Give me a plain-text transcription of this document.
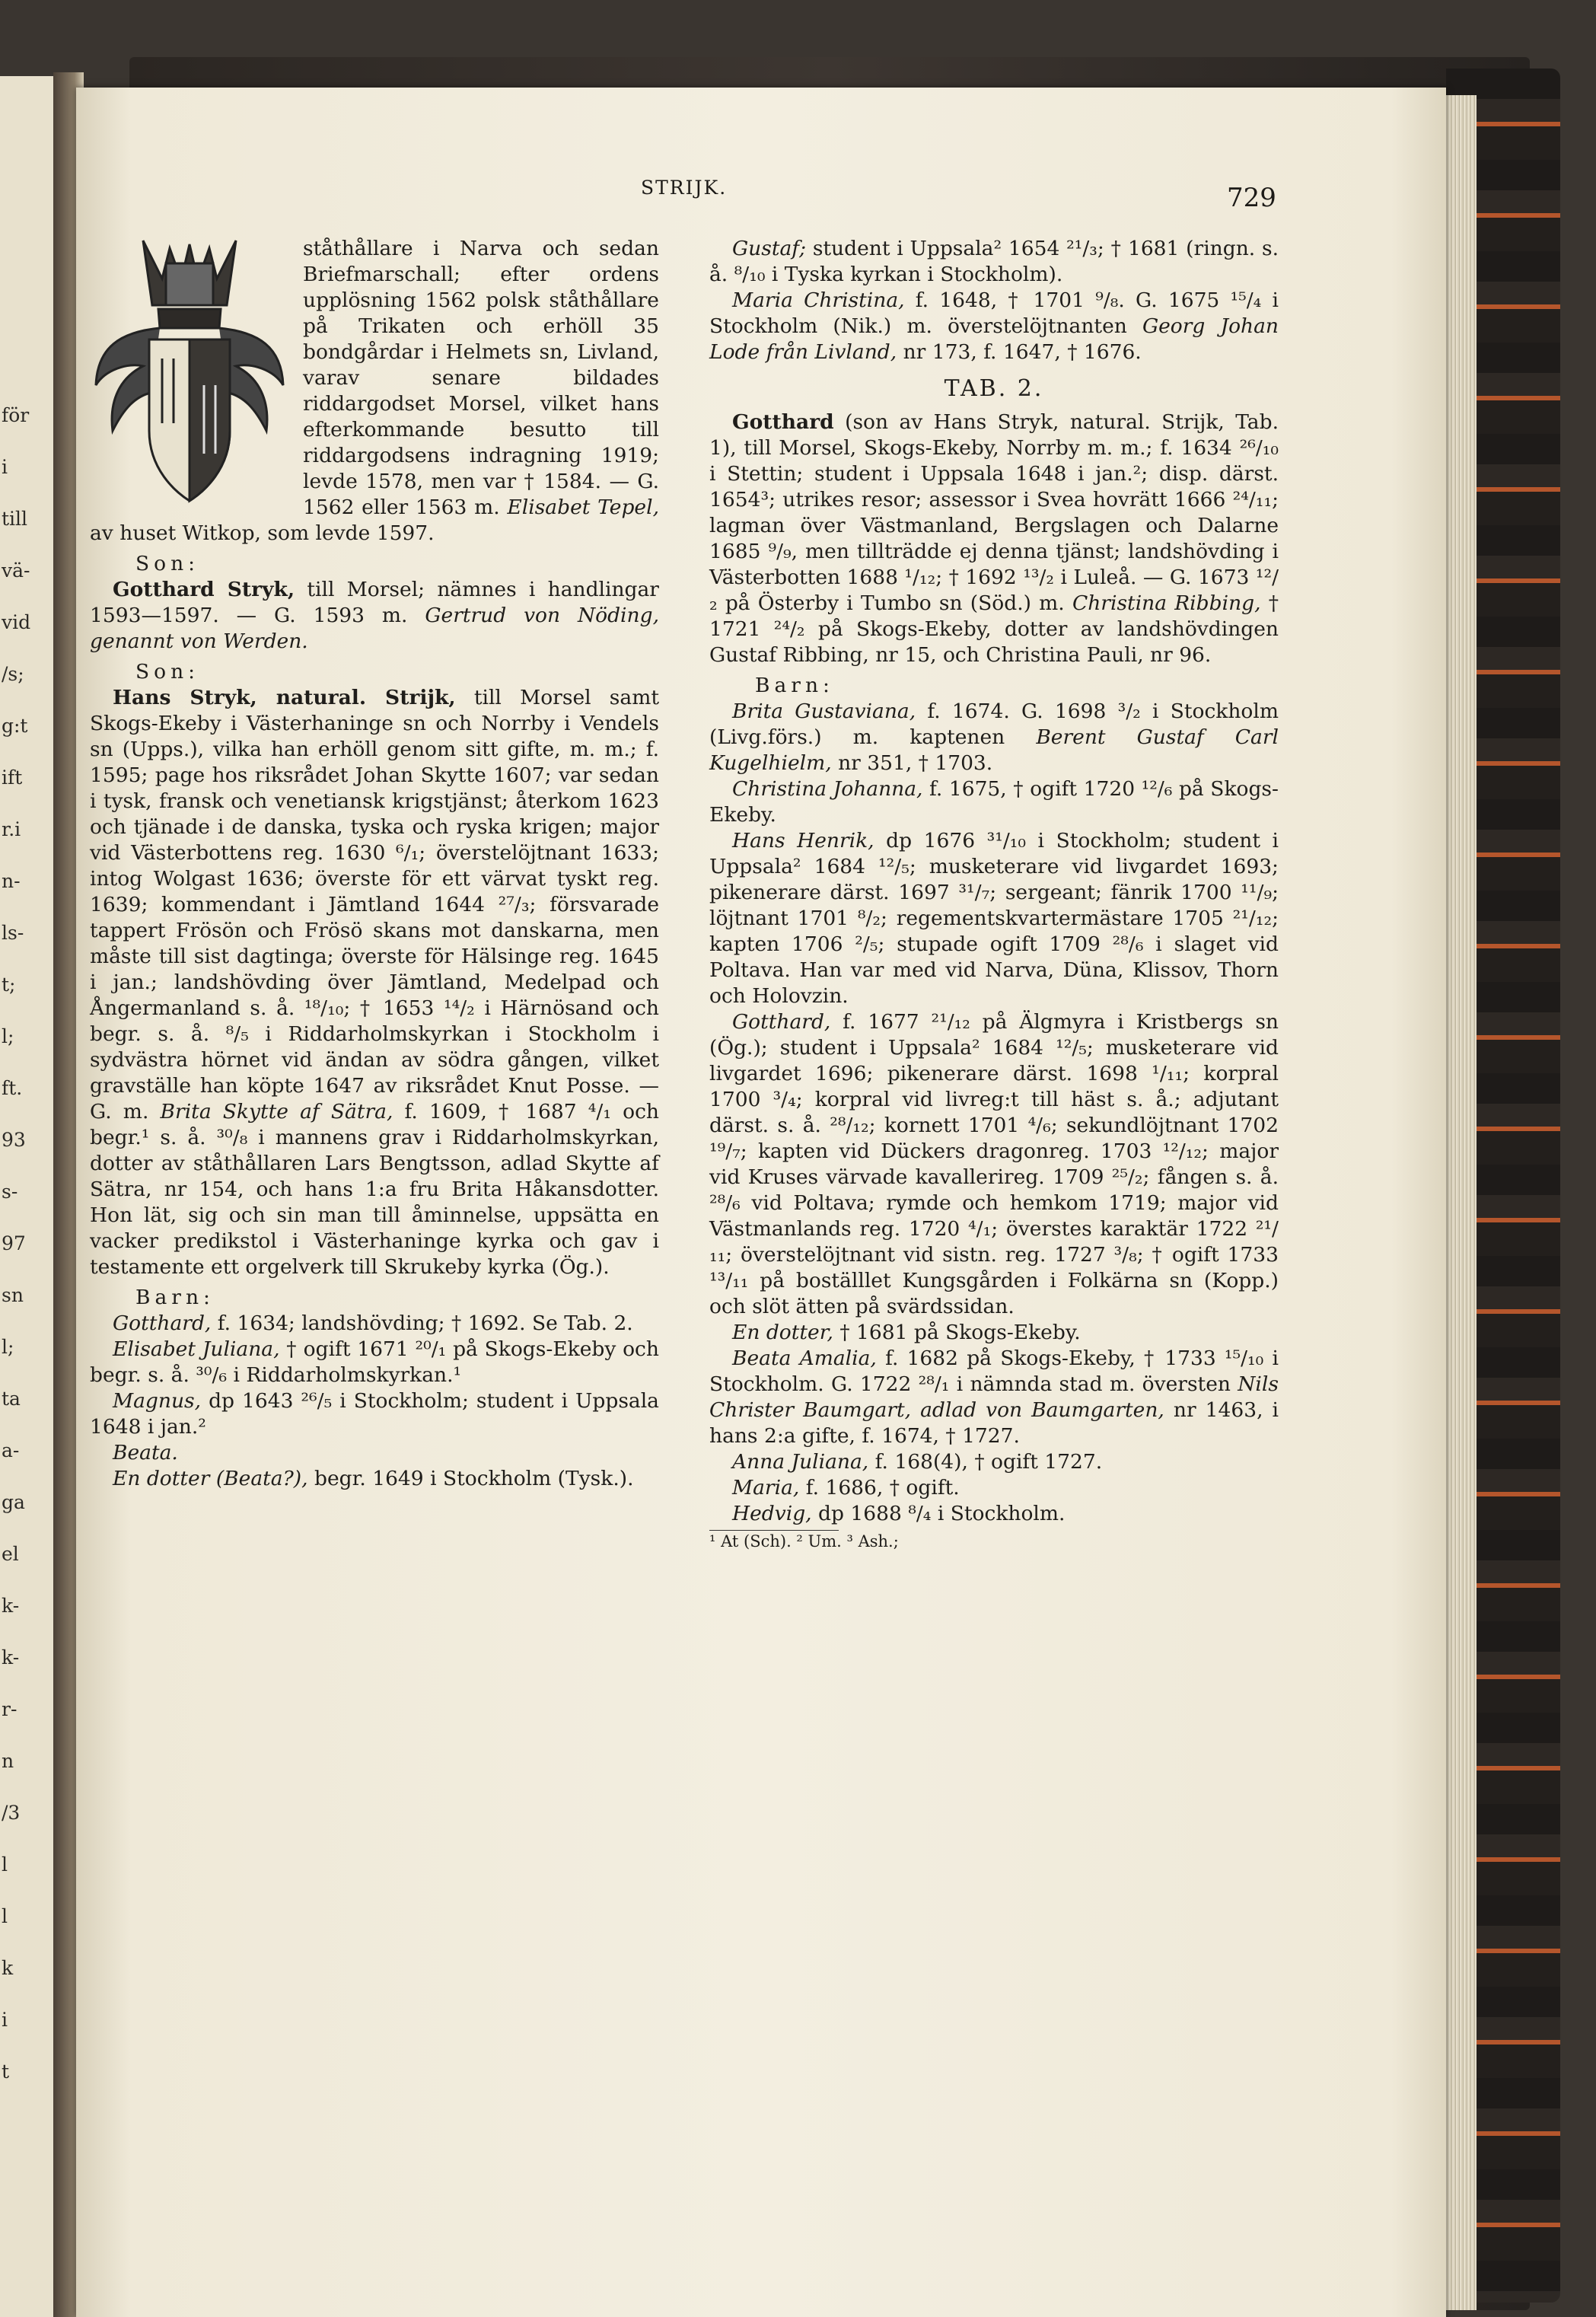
för
i
till
vä-
vid
/s;
g:t
ift
r.i
n-
ls-
t;
l;
ft.
93
s-
97
sn
l;
ta
a-
ga
el
k-
k-
r-
n
/3
l
l
k
i
t
STRIJK.	729

ståthållare i Narva och sedan Briefmarschall; efter ordens upplösning 1562 polsk ståthållare på Trikaten och erhöll 35 bondgårdar i Helmets sn, Livland, varav senare bildades riddargodset Morsel, vilket hans efterkommande besutto till riddargodsens indragning 1919; levde 1578, men var † 1584. — G. 1562 eller 1563 m. Elisabet Tepel, av huset Witkop, som levde 1597.

Son:

Gotthard Stryk, till Morsel; nämnes i handlingar 1593—1597. — G. 1593 m. Gertrud von Nöding, genannt von Werden.

Son:

Hans Stryk, natural. Strijk, till Morsel samt Skogs-Ekeby i Västerhaninge sn och Norrby i Vendels sn (Upps.), vilka han erhöll genom sitt gifte, m. m.; f. 1595; page hos riksrådet Johan Skytte 1607; var sedan i tysk, fransk och venetiansk krigstjänst; återkom 1623 och tjänade i de danska, tyska och ryska krigen; major vid Västerbottens reg. 1630 ⁶/₁; överstelöjtnant 1633; intog Wolgast 1636; överste för ett värvat tyskt reg. 1639; kommendant i Jämtland 1644 ²⁷/₃; försvarade tappert Frösön och Frösö skans mot danskarna, men måste till sist dagtinga; överste för Hälsinge reg. 1645 i jan.; landshövding över Jämtland, Medelpad och Ångermanland s. å. ¹⁸/₁₀; † 1653 ¹⁴/₂ i Härnösand och begr. s. å. ⁸/₅ i Riddarholmskyrkan i Stockholm i sydvästra hörnet vid ändan av södra gången, vilket gravställe han köpte 1647 av riksrådet Knut Posse. — G. m. Brita Skytte af Sätra, f. 1609, † 1687 ⁴/₁ och begr.¹ s. å. ³⁰/₈ i mannens grav i Riddarholmskyrkan, dotter av ståthållaren Lars Bengtsson, adlad Skytte af Sätra, nr 154, och hans 1:a fru Brita Håkansdotter. Hon lät, sig och sin man till åminnelse, uppsätta en vacker predikstol i Västerhaninge kyrka och gav i testamente ett orgelverk till Skrukeby kyrka (Ög.).

Barn:

Gotthard, f. 1634; landshövding; † 1692. Se Tab. 2.

Elisabet Juliana, † ogift 1671 ²⁰/₁ på Skogs-Ekeby och begr. s. å. ³⁰/₆ i Riddarholmskyrkan.¹

Magnus, dp 1643 ²⁶/₅ i Stockholm; student i Uppsala 1648 i jan.²

Beata.

En dotter (Beata?), begr. 1649 i Stockholm (Tysk.).

Gustaf; student i Uppsala² 1654 ²¹/₃; † 1681 (ringn. s. å. ⁸/₁₀ i Tyska kyrkan i Stockholm).

Maria Christina, f. 1648, † 1701 ⁹/₈. G. 1675 ¹⁵/₄ i Stockholm (Nik.) m. överstelöjtnanten Georg Johan Lode från Livland, nr 173, f. 1647, † 1676.

TAB. 2.

Gotthard (son av Hans Stryk, natural. Strijk, Tab. 1), till Morsel, Skogs-Ekeby, Norrby m. m.; f. 1634 ²⁶/₁₀ i Stettin; student i Uppsala 1648 i jan.²; disp. därst. 1654³; utrikes resor; assessor i Svea hovrätt 1666 ²⁴/₁₁; lagman över Västmanland, Bergslagen och Dalarne 1685 ⁹/₉, men tillträdde ej denna tjänst; landshövding i Västerbotten 1688 ¹/₁₂; † 1692 ¹³/₂ i Luleå. — G. 1673 ¹²/₂ på Österby i Tumbo sn (Söd.) m. Christina Ribbing, † 1721 ²⁴/₂ på Skogs-Ekeby, dotter av landshövdingen Gustaf Ribbing, nr 15, och Christina Pauli, nr 96.

Barn:

Brita Gustaviana, f. 1674. G. 1698 ³/₂ i Stockholm (Livg.förs.) m. kaptenen Berent Gustaf Carl Kugelhielm, nr 351, † 1703.

Christina Johanna, f. 1675, † ogift 1720 ¹²/₆ på Skogs-Ekeby.

Hans Henrik, dp 1676 ³¹/₁₀ i Stockholm; student i Uppsala² 1684 ¹²/₅; musketerare vid livgardet 1693; pikenerare därst. 1697 ³¹/₇; sergeant; fänrik 1700 ¹¹/₉; löjtnant 1701 ⁸/₂; regementskvartermästare 1705 ²¹/₁₂; kapten 1706 ²/₅; stupade ogift 1709 ²⁸/₆ i slaget vid Poltava. Han var med vid Narva, Düna, Klissov, Thorn och Holovzin.

Gotthard, f. 1677 ²¹/₁₂ på Älgmyra i Kristbergs sn (Ög.); student i Uppsala² 1684 ¹²/₅; musketerare vid livgardet 1696; pikenerare därst. 1698 ¹/₁₁; korpral 1700 ³/₄; korpral vid livreg:t till häst s. å.; adjutant därst. s. å. ²⁸/₁₂; kornett 1701 ⁴/₆; sekundlöjtnant 1702 ¹⁹/₇; kapten vid Dückers dragonreg. 1703 ¹²/₁₂; major vid Kruses värvade kavallerireg. 1709 ²⁵/₂; fången s. å. ²⁸/₆ vid Poltava; rymde och hemkom 1719; major vid Västmanlands reg. 1720 ⁴/₁; överstes karaktär 1722 ²¹/₁₁; överstelöjtnant vid sistn. reg. 1727 ³/₈; † ogift 1733 ¹³/₁₁ på boställlet Kungsgården i Folkärna sn (Kopp.) och slöt ätten på svärdssidan.

En dotter, † 1681 på Skogs-Ekeby.

Beata Amalia, f. 1682 på Skogs-Ekeby, † 1733 ¹⁵/₁₀ i Stockholm. G. 1722 ²⁸/₁ i nämnda stad m. översten Nils Christer Baumgart, adlad von Baumgarten, nr 1463, i hans 2:a gifte, f. 1674, † 1727.

Anna Juliana, f. 168(4), † ogift 1727.

Maria, f. 1686, † ogift.

Hedvig, dp 1688 ⁸/₄ i Stockholm.

¹ At (Sch). ² Um. ³ Ash.;
